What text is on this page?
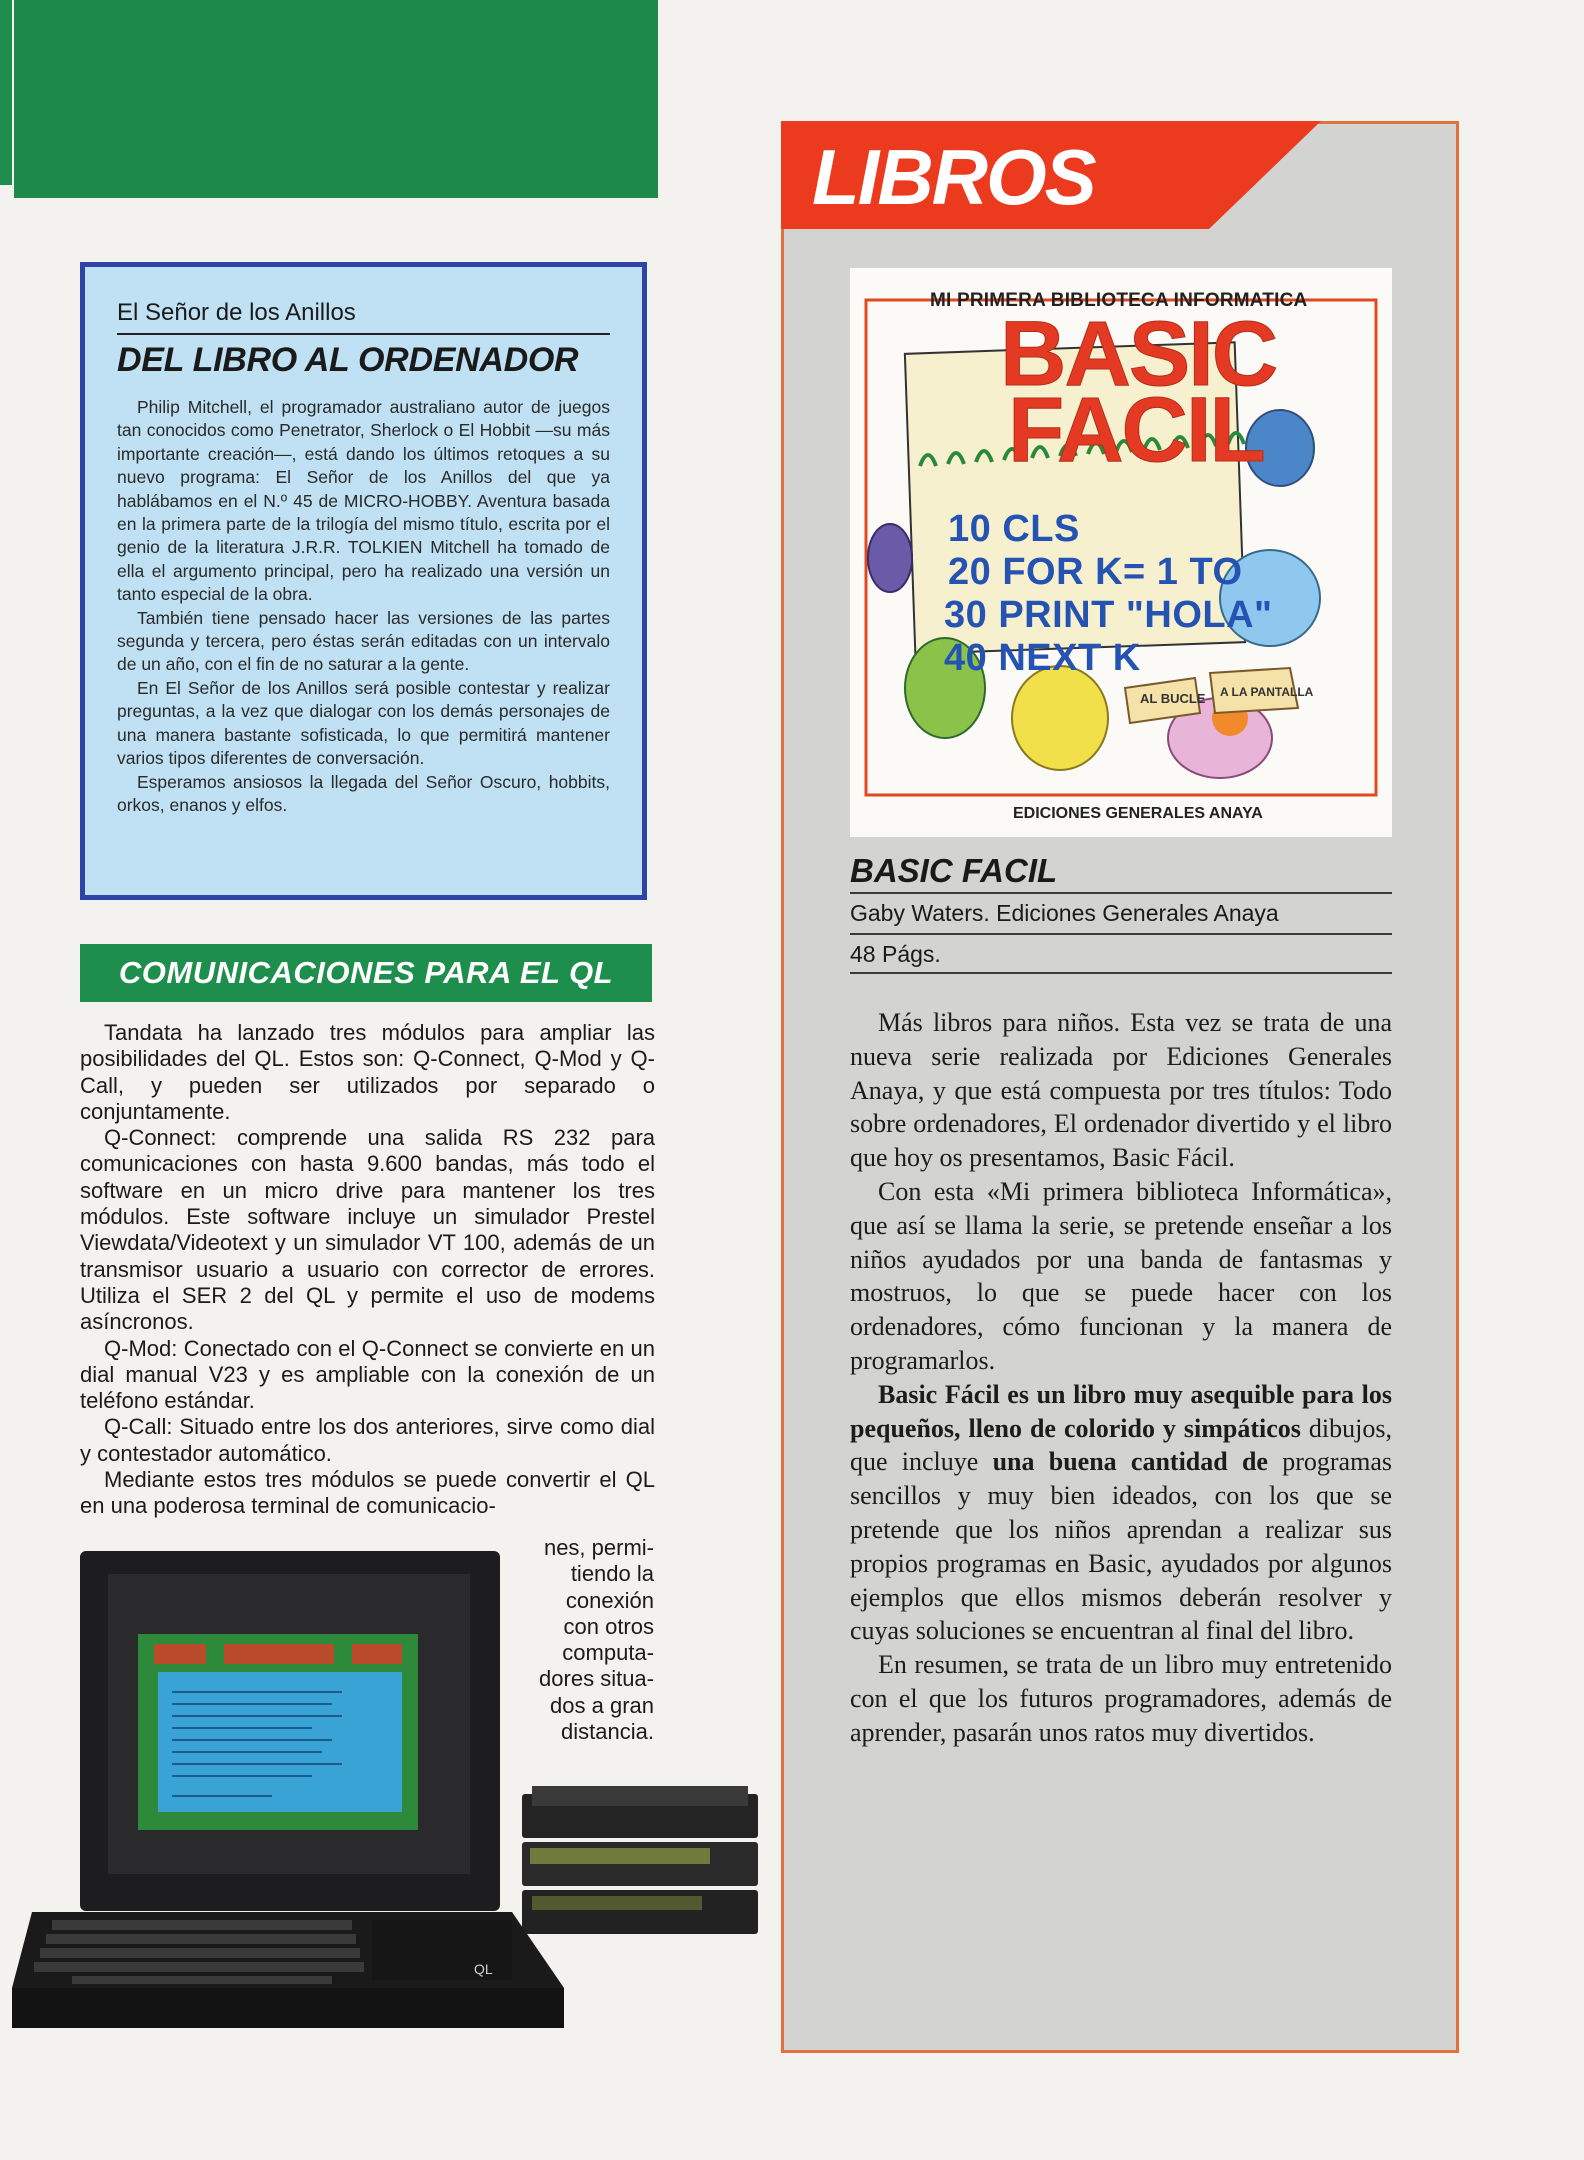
El Señor de los Anillos
DEL LIBRO AL ORDENADOR

Philip Mitchell, el programador australiano autor de juegos tan conocidos como Penetrator, Sherlock o El Hobbit —su más importante creación—, está dando los últimos retoques a su nuevo programa: El Señor de los Anillos del que ya hablábamos en el N.º 45 de MICRO-HOBBY. Aventura basada en la primera parte de la trilogía del mismo título, escrita por el genio de la literatura J.R.R. TOLKIEN Mitchell ha tomado de ella el argumento principal, pero ha realizado una versión un tanto especial de la obra.

También tiene pensado hacer las versiones de las partes segunda y tercera, pero éstas serán editadas con un intervalo de un año, con el fin de no saturar a la gente.

En El Señor de los Anillos será posible contestar y realizar preguntas, a la vez que dialogar con los demás personajes de una manera bastante sofisticada, lo que permitirá mantener varios tipos diferentes de conversación.

Esperamos ansiosos la llegada del Señor Oscuro, hobbits, orkos, enanos y elfos.

COMUNICACIONES PARA EL QL

Tandata ha lanzado tres módulos para ampliar las posibilidades del QL. Estos son: Q-Connect, Q-Mod y Q-Call, y pueden ser utilizados por separado o conjuntamente.

Q-Connect: comprende una salida RS 232 para comunicaciones con hasta 9.600 bandas, más todo el software en un micro drive para mantener los tres módulos. Este software incluye un simulador Prestel Viewdata/Videotext y un simulador VT 100, además de un transmisor usuario a usuario con corrector de errores. Utiliza el SER 2 del QL y permite el uso de modems asíncronos.

Q-Mod: Conectado con el Q-Connect se convierte en un dial manual V23 y es ampliable con la conexión de un teléfono estándar.

Q-Call: Situado entre los dos anteriores, sirve como dial y contestador automático.

Mediante estos tres módulos se puede convertir el QL en una poderosa terminal de comunicacio-

nes, permi-
tiendo la
conexión
con otros
computa-
dores situa-
dos a gran
distancia.
QL
LIBROS
AL BUCLE A LA PANTALLA
MI PRIMERA BIBLIOTECA INFORMATICA
BASIC
FACIL
10 CLS
20 FOR K= 1 TO
30 PRINT "HOLA"
40 NEXT K
EDICIONES GENERALES ANAYA
BASIC FACIL
Gaby Waters. Ediciones Generales Anaya
48 Págs.

Más libros para niños. Esta vez se trata de una nueva serie realizada por Ediciones Generales Anaya, y que está compuesta por tres títulos: Todo sobre ordenadores, El ordenador divertido y el libro que hoy os presentamos, Basic Fácil.

Con esta «Mi primera biblioteca Informática», que así se llama la serie, se pretende enseñar a los niños ayudados por una banda de fantasmas y mostruos, lo que se puede hacer con los ordenadores, cómo funcionan y la manera de programarlos.

Basic Fácil es un libro muy asequible para los pequeños, lleno de colorido y simpáticos dibujos, que incluye una buena cantidad de programas sencillos y muy bien ideados, con los que se pretende que los niños aprendan a realizar sus propios programas en Basic, ayudados por algunos ejemplos que ellos mismos deberán resolver y cuyas soluciones se encuentran al final del libro.

En resumen, se trata de un libro muy entretenido con el que los futuros programadores, además de aprender, pasarán unos ratos muy divertidos.
